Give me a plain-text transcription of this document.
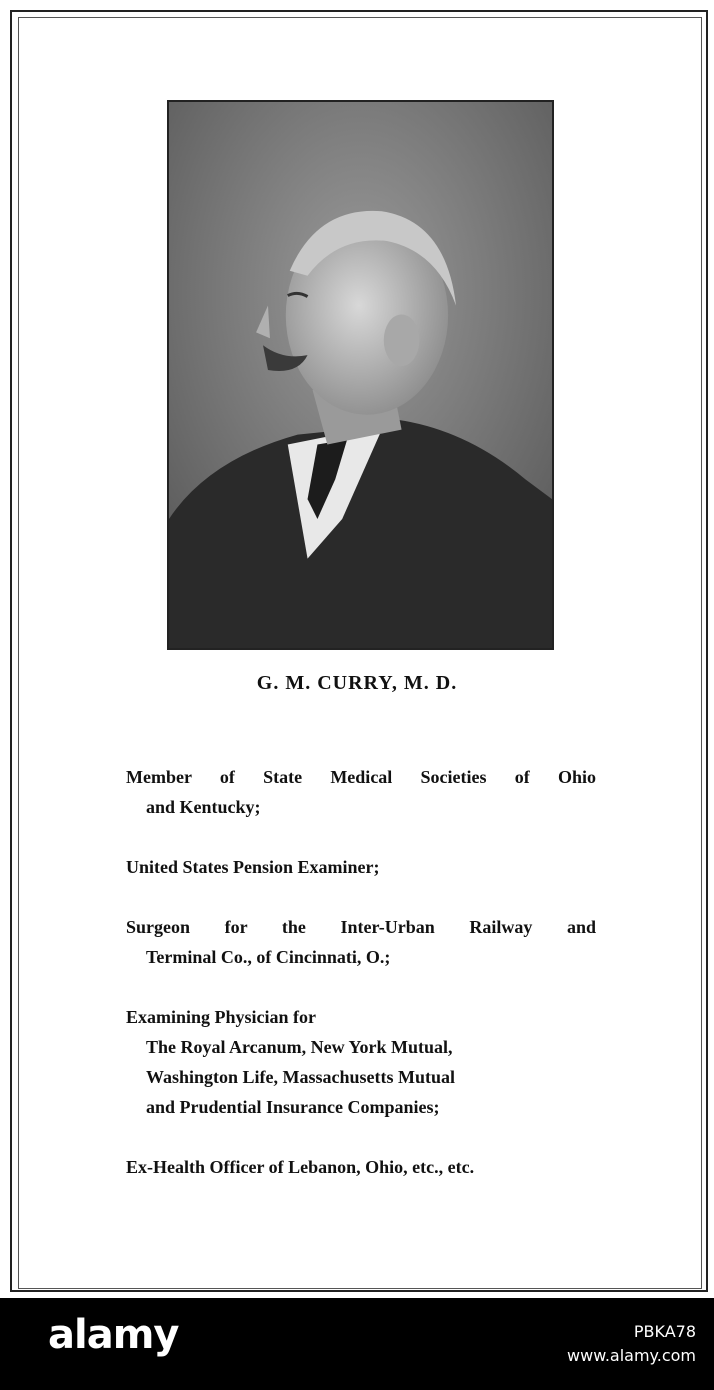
G. M. CURRY, M. D.
Member of State Medical Societies of Ohio
and Kentucky;
United States Pension Examiner;
Surgeon for the Inter-Urban Railway and
Terminal Co., of Cincinnati, O.;
Examining Physician for
The Royal Arcanum, New York Mutual,
Washington Life, Massachusetts Mutual
and Prudential Insurance Companies;
Ex-Health Officer of Lebanon, Ohio, etc., etc.
alamy	PBKA78
www.alamy.com
